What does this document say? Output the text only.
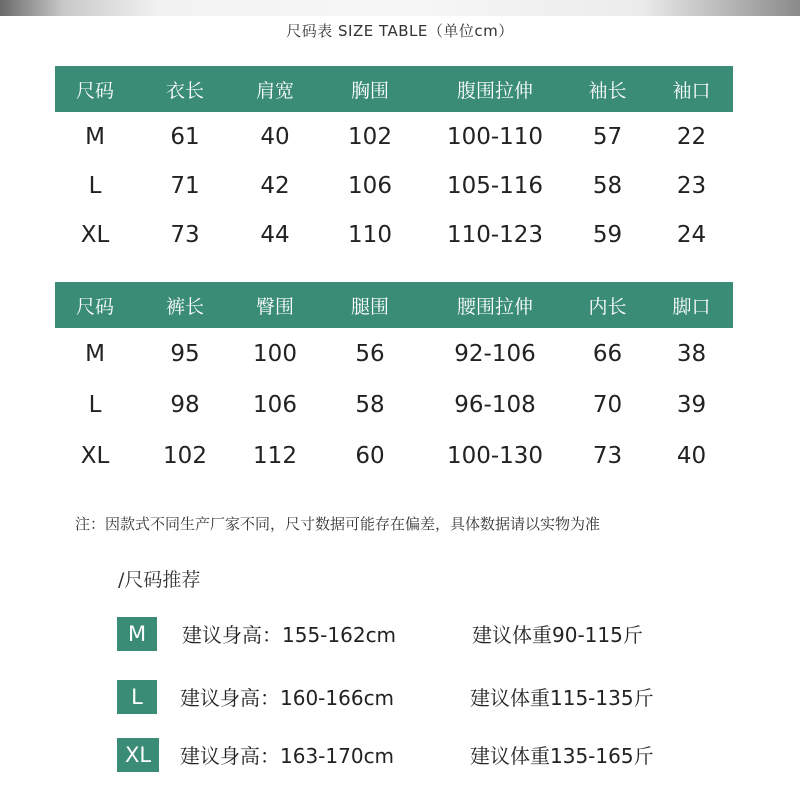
尺码表 SIZE TABLE（单位cm）
尺码	衣长	肩宽	胸围	腹围拉伸	袖长	袖口
M	61	40	102	100-110	57	22
L	71	42	106	105-116	58	23
XL	73	44	110	110-123	59	24
尺码	裤长	臀围	腿围	腰围拉伸	内长	脚口
M	95	100	56	92-106	66	38
L	98	106	58	96-108	70	39
XL	102	112	60	100-130	73	40
注：因款式不同生产厂家不同，尺寸数据可能存在偏差，具体数据请以实物为准
/尺码推荐
M	建议身高：155-162cm	建议体重90-115斤
L	建议身高：160-166cm	建议体重115-135斤
XL	建议身高：163-170cm	建议体重135-165斤
